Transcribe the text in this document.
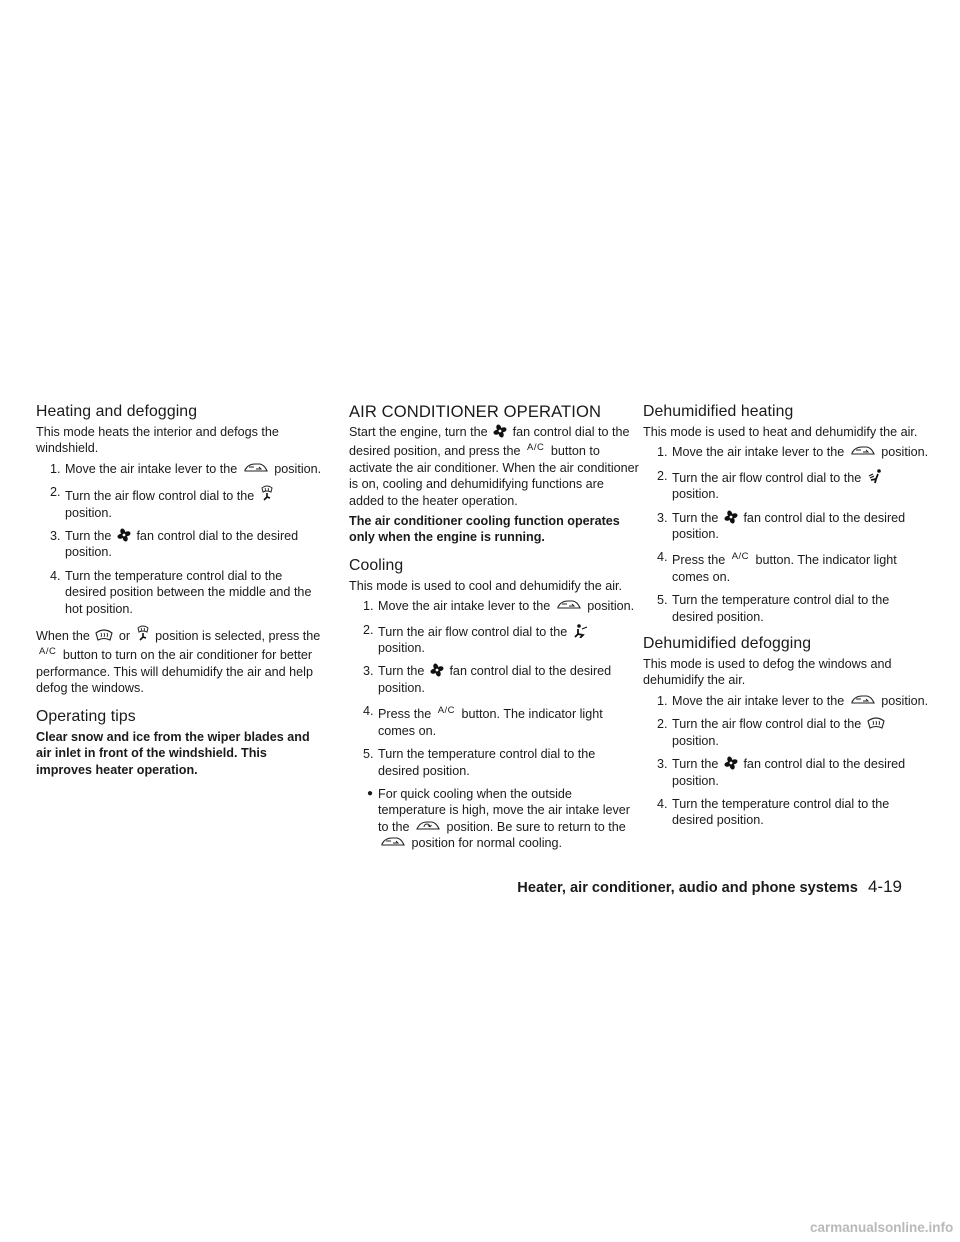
Heating and defogging

This mode heats the interior and defogs the windshield.

1. Move the air intake lever to the	position.
2. Turn the air flow control dial to the
position.
3. Turn the fan control dial to the desired position.
4. Turn the temperature control dial to the desired position between the middle and the hot position.

When the or position is selected, press the A/C button to turn on the air conditioner for better performance. This will dehumidify the air and help defog the windows.

Operating tips

Clear snow and ice from the wiper blades and air inlet in front of the windshield. This improves heater operation.

AIR CONDITIONER OPERATION

Start the engine, turn the fan control dial to the desired position, and press the A/C button to activate the air conditioner. When the air conditioner is on, cooling and dehumidifying functions are added to the heater operation.

The air conditioner cooling function operates only when the engine is running.

Cooling

This mode is used to cool and dehumidify the air.

1. Move the air intake lever to the	position.
2. Turn the air flow control dial to the
position.
3. Turn the fan control dial to the desired position.
4. Press the A/C button. The indicator light comes on.
5. Turn the temperature control dial to the desired position.
● For quick cooling when the outside temperature is high, move the air intake lever to the	position. Be sure to return to the
position for normal cooling.
Dehumidified heating

This mode is used to heat and dehumidify the air.

1. Move the air intake lever to the	position.
2. Turn the air flow control dial to the
position.
3. Turn the fan control dial to the desired position.
4. Press the A/C button. The indicator light comes on.
5. Turn the temperature control dial to the desired position.
Dehumidified defogging

This mode is used to defog the windows and dehumidify the air.

1. Move the air intake lever to the	position.
2. Turn the air flow control dial to the
position.
3. Turn the fan control dial to the desired position.
4. Turn the temperature control dial to the desired position.
Heater, air conditioner, audio and phone systems 4-19
carmanualsonline.info
